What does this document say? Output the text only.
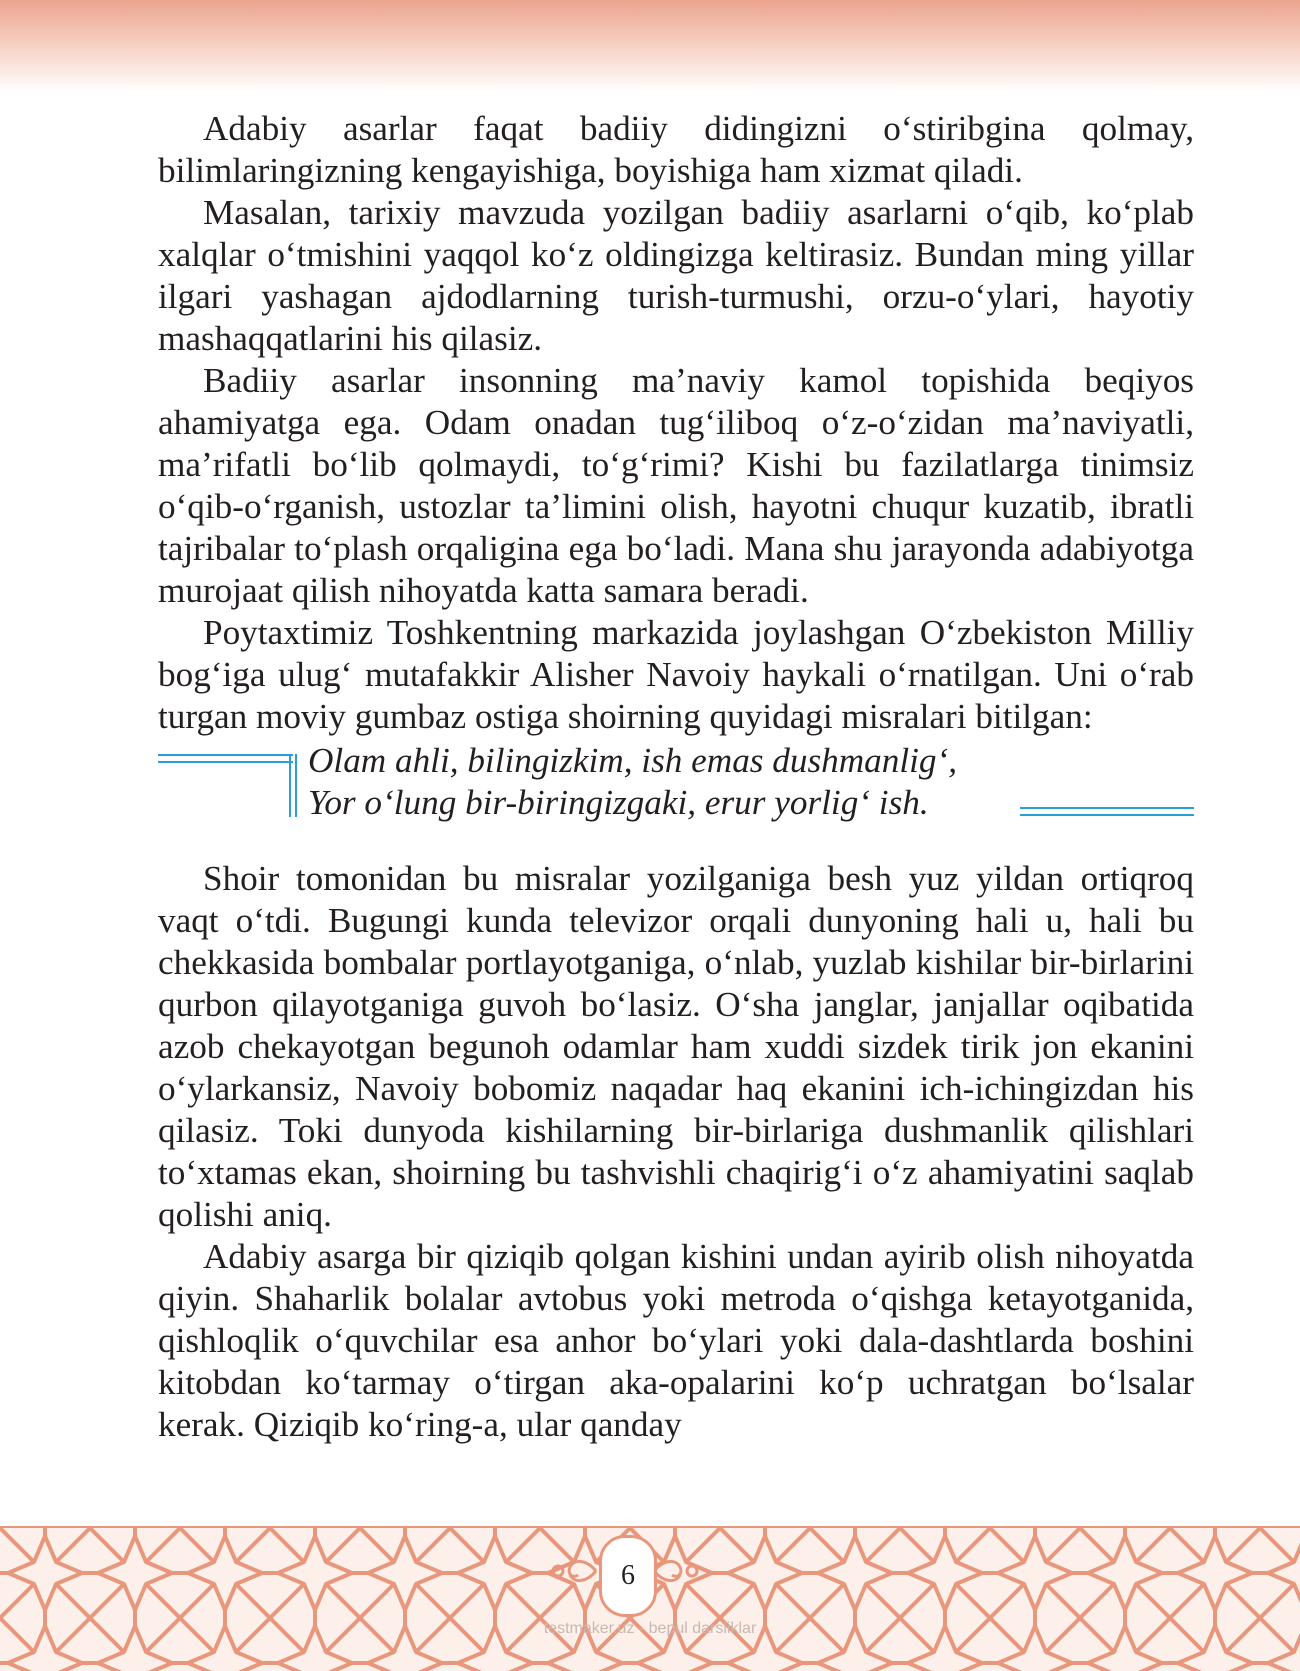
Adabiy asarlar faqat badiiy didingizni o‘stiribgina qolmay, bilimlaringizning kengayishiga, boyishiga ham xizmat qiladi.

Masalan, tarixiy mavzuda yozilgan badiiy asarlarni o‘qib, ko‘plab xalqlar o‘tmishini yaqqol ko‘z oldingizga keltirasiz. Bundan ming yillar ilgari yashagan ajdodlarning turish-turmushi, orzu-o‘ylari, hayotiy mashaqqatlarini his qilasiz.

Badiiy asarlar insonning ma’naviy kamol topishida beqiyos ahamiyatga ega. Odam onadan tug‘iliboq o‘z-o‘zidan ma’naviyatli, ma’rifatli bo‘lib qolmaydi, to‘g‘rimi? Kishi bu fazilatlarga tinimsiz o‘qib-o‘rganish, ustozlar ta’limini olish, hayotni chuqur kuzatib, ibratli tajribalar to‘plash orqaligina ega bo‘ladi. Mana shu jarayonda adabiyotga murojaat qilish nihoyatda katta samara beradi.

Poytaxtimiz Toshkentning markazida joylashgan O‘zbekiston Milliy bog‘iga ulug‘ mutafakkir Alisher Navoiy haykali o‘rnatilgan. Uni o‘rab turgan moviy gumbaz ostiga shoirning quyidagi misralari bitilgan:

Olam ahli, bilingizkim, ish emas dushmanlig‘,
Yor o‘lung bir-biringizgaki, erur yorlig‘ ish.

Shoir tomonidan bu misralar yozilganiga besh yuz yildan ortiqroq vaqt o‘tdi. Bugungi kunda televizor orqali dunyoning hali u, hali bu chekkasida bombalar portlayotganiga, o‘nlab, yuzlab kishilar bir-birlarini qurbon qilayotganiga guvoh bo‘lasiz. O‘sha janglar, janjallar oqibatida azob chekayotgan begunoh odamlar ham xuddi sizdek tirik jon ekanini o‘ylarkansiz, Navoiy bobomiz naqadar haq ekanini ich-ichingizdan his qilasiz. Toki dunyoda kishilarning bir-birlariga dushmanlik qilishlari to‘xtamas ekan, shoirning bu tashvishli chaqirig‘i o‘z ahamiyatini saqlab qolishi aniq.

Adabiy asarga bir qiziqib qolgan kishini undan ayirib olish nihoyatda qiyin. Shaharlik bolalar avtobus yoki metroda o‘qishga ketayotganida, qishloqlik o‘quvchilar esa anhor bo‘ylari yoki dala-dashtlarda boshini kitobdan ko‘tarmay o‘tirgan aka-opalarini ko‘p uchratgan bo‘lsalar kerak. Qiziqib ko‘ring-a, ular qanday

6
testmaker.uz - bepul darsliklar
